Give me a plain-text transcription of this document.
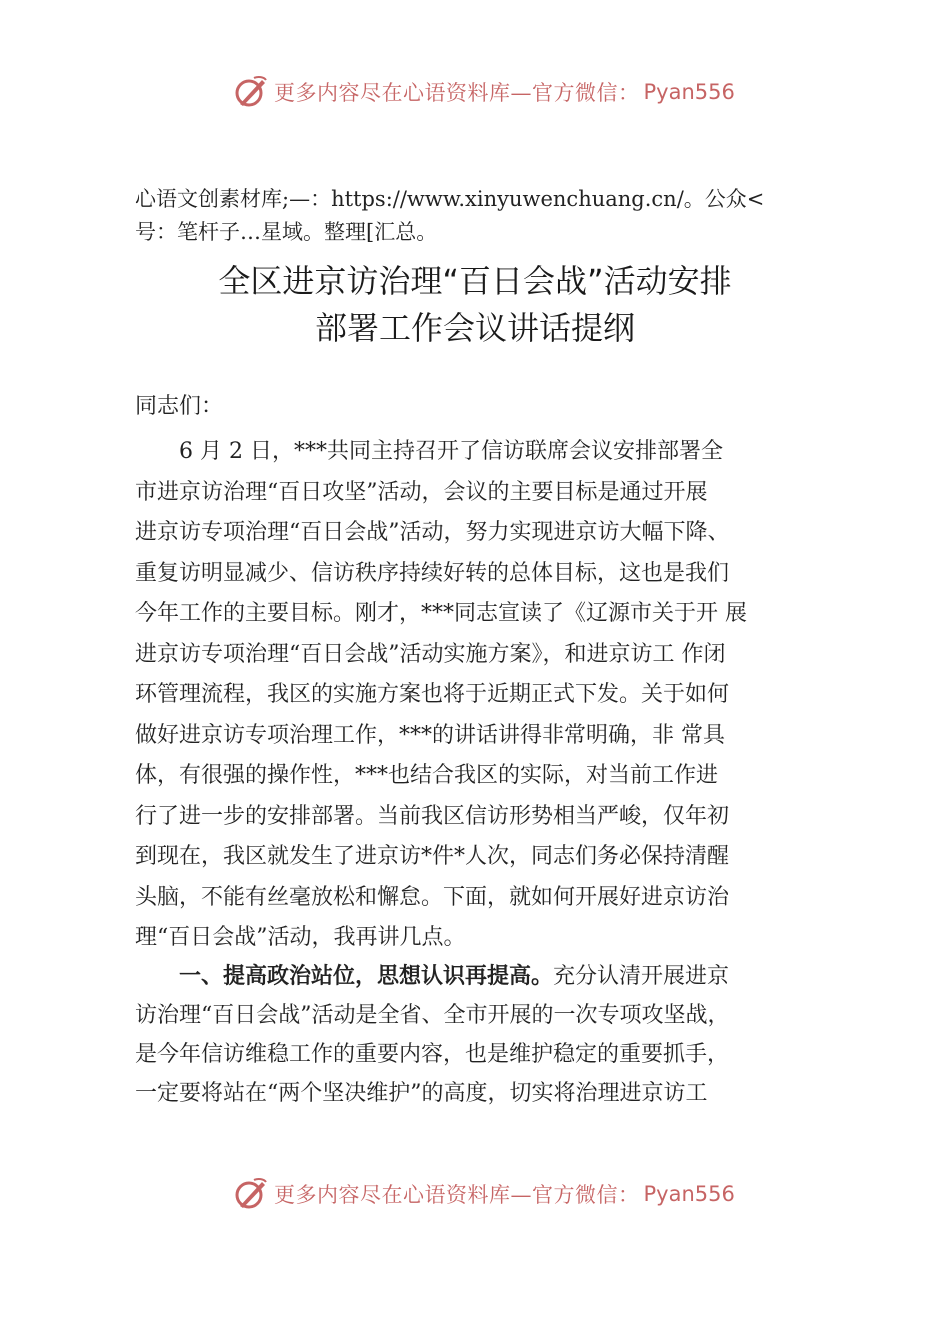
更多内容尽在心语资料库—官方微信： Pyan556
心语文创素材库;—：https://www.xinyuwenchuang.cn/。公众<
号：笔杆子…星域。整理[汇总。
全区进京访治理“百日会战”活动安排
部署工作会议讲话提纲
同志们：
6 月 2 日，***共同主持召开了信访联席会议安排部署全
市进京访治理“百日攻坚”活动，会议的主要目标是通过开展
进京访专项治理“百日会战”活动，努力实现进京访大幅下降、
重复访明显减少、信访秩序持续好转的总体目标，这也是我们
今年工作的主要目标。刚才，***同志宣读了《辽源市关于开 展
进京访专项治理“百日会战”活动实施方案》，和进京访工 作闭
环管理流程，我区的实施方案也将于近期正式下发。关于如何
做好进京访专项治理工作，***的讲话讲得非常明确，非 常具
体，有很强的操作性，***也结合我区的实际，对当前工作进
行了进一步的安排部署。当前我区信访形势相当严峻，仅年初
到现在，我区就发生了进京访*件*人次，同志们务必保持清醒
头脑，不能有丝毫放松和懈怠。下面，就如何开展好进京访治
理“百日会战”活动，我再讲几点。
一、提高政治站位，思想认识再提高。充分认清开展进京
访治理“百日会战”活动是全省、全市开展的一次专项攻坚战，
是今年信访维稳工作的重要内容，也是维护稳定的重要抓手，
一定要将站在“两个坚决维护”的高度，切实将治理进京访工
更多内容尽在心语资料库—官方微信： Pyan556
